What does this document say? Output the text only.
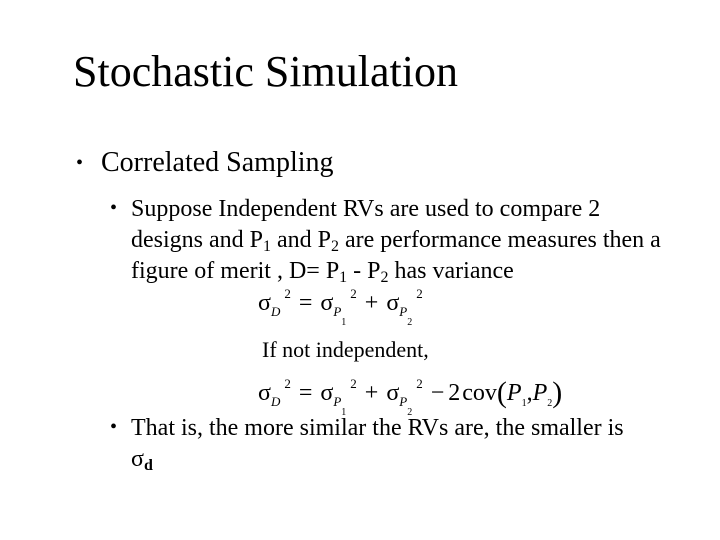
Stochastic Simulation
• Correlated Sampling
• Suppose Independent RVs are used to compare 2 designs and $P_1$ and $P_2$ are performance measures then a figure of merit , $D= P_1 - P_2$ has variance
$\sigma_D^2 = \sigma_{P_1}^2 + \sigma_{P_2}^2$
If not independent,
$\sigma_D^2 = \sigma_{P_1}^2 + \sigma_{P_2}^2 - 2cov(P_1,P_2)$
• That is, the more similar the RVs are, the smaller is σd
